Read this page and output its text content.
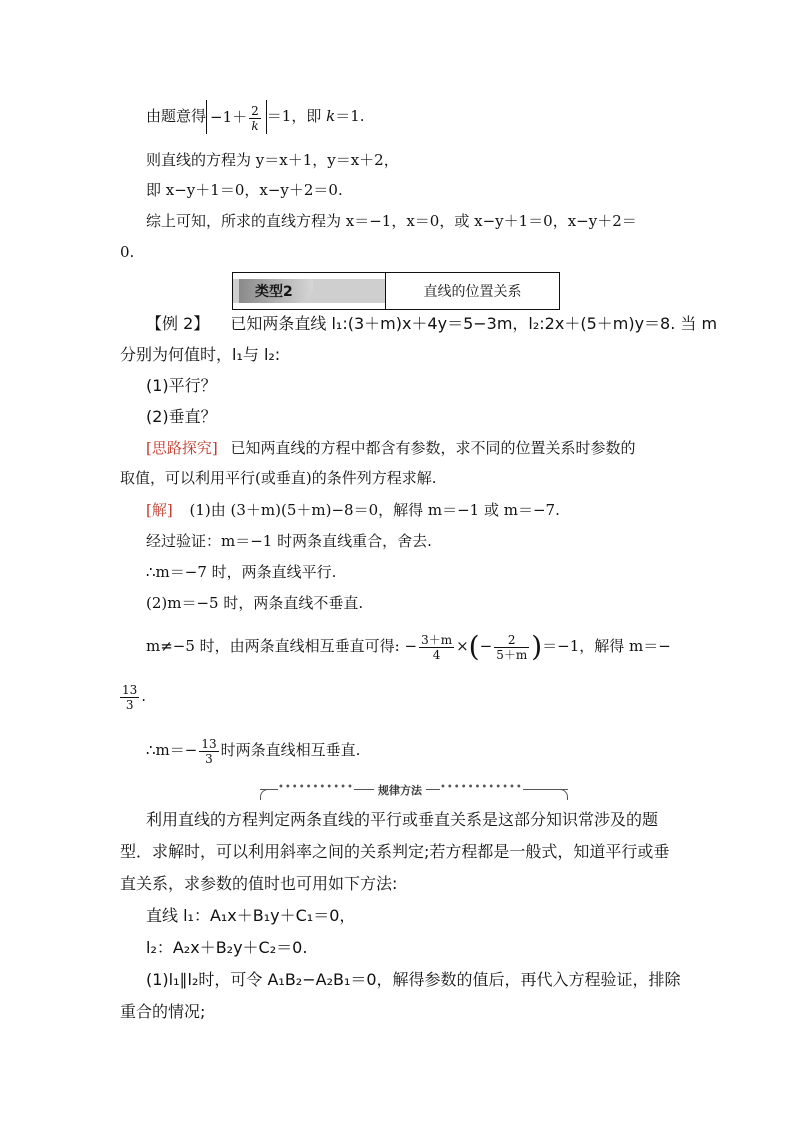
由题意得 $-1+ \frac{2}{k} =1$，即 k＝1.
则直线的方程为 y＝x＋1，y＝x＋2，
即 x−y＋1＝0，x−y＋2＝0.
综上可知，所求的直线方程为 x＝−1，x＝0，或 x−y＋1＝0，x−y＋2＝
0.
类型2	直线的位置关系
【例 2】 已知两条直线 l₁:(3＋m)x＋4y＝5−3m，l₂:2x＋(5＋m)y＝8. 当 m
分别为何值时，l₁与 l₂:
(1)平行？
(2)垂直？
[思路探究] 已知两直线的方程中都含有参数，求不同的位置关系时参数的
取值，可以利用平行(或垂直)的条件列方程求解.
[解] (1)由 (3＋m)(5＋m)−8＝0，解得 m＝−1 或 m＝−7.
经过验证：m＝−1 时两条直线重合，舍去.
∴m＝−7 时，两条直线平行.
(2)m＝−5 时，两条直线不垂直.
m≠−5 时，由两条直线相互垂直可得: − $\frac{3+m}{4}$ ×(− $\frac{2}{5+m} )=-1$，解得 m＝−
$\frac{13}{3}$ .
∴m＝− $\frac{13}{3}$ 时两条直线相互垂直.
•••••••••••	规律方法	••••••••••••
利用直线的方程判定两条直线的平行或垂直关系是这部分知识常涉及的题
型．求解时，可以利用斜率之间的关系判定;若方程都是一般式，知道平行或垂
直关系，求参数的值时也可用如下方法:
直线 l₁：A₁x＋B₁y＋C₁＝0，
l₂：A₂x＋B₂y＋C₂＝0.
(1)l₁∥l₂时，可令 A₁B₂−A₂B₁＝0，解得参数的值后，再代入方程验证，排除
重合的情况;
